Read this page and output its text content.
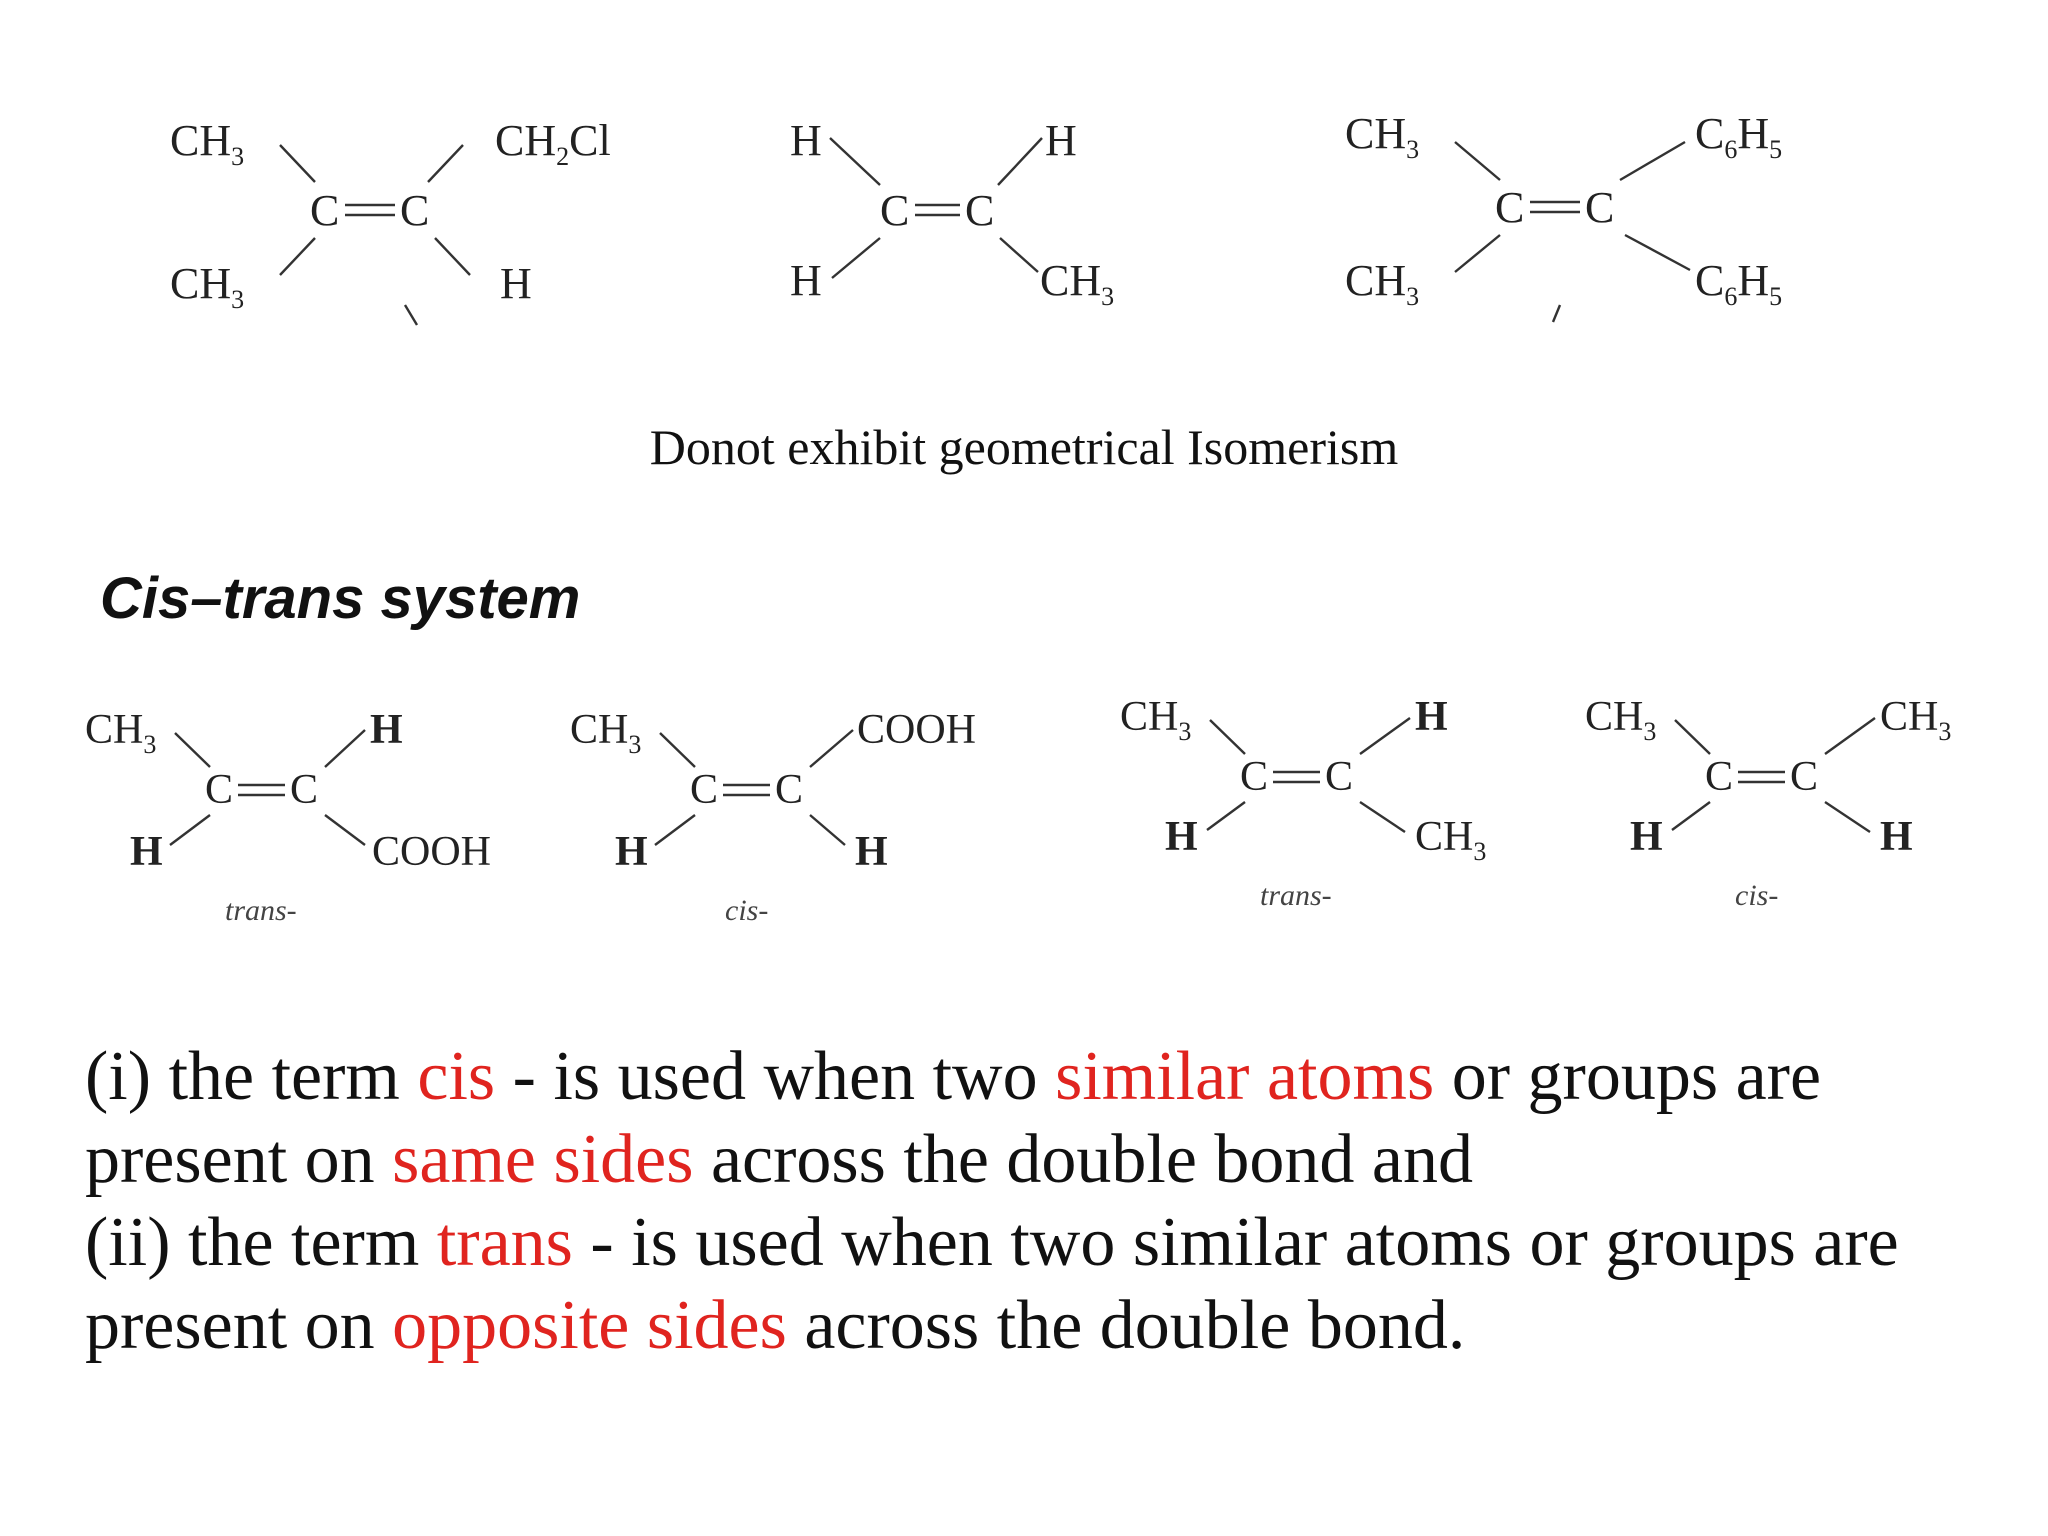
$CH_3$
$CH_3$
$CH_2Cl$
H
C C
H
H
H
$CH_3$
C C
$CH_3$
$CH_3$
$C_6H_5$
$C_6H_5$
C C
Donot exhibit geometrical Isomerism
Cis–trans system
$CH_3$
H
H
COOH
C C
trans-
$CH_3$
H
COOH
H
C C
cis-
$CH_3$
H
H
$CH_3$
C C
trans-
$CH_3$
H
$CH_3$
H
C C
cis-
(i) the term cis - is used when two similar atoms or groups are
present on same sides across the double bond and
(ii) the term trans - is used when two similar atoms or groups are
present on opposite sides across the double bond.
